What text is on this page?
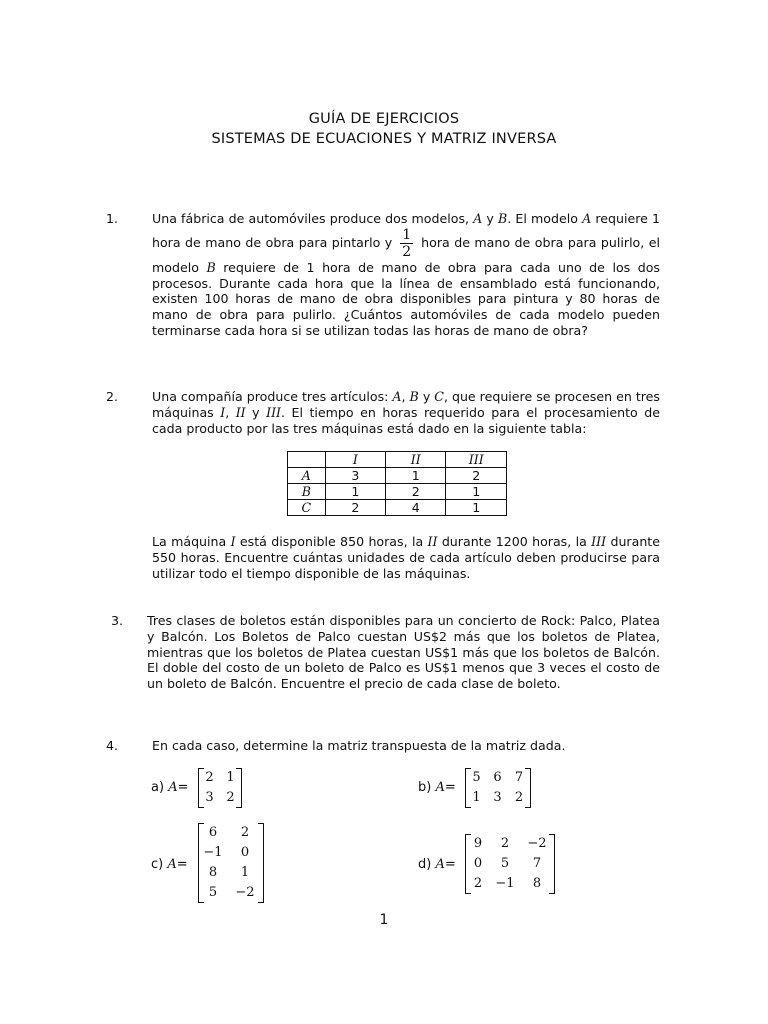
GUÍA DE EJERCICIOS
SISTEMAS DE ECUACIONES Y MATRIZ INVERSA
1.	Una fábrica de automóviles produce dos modelos, A y B. El modelo A requiere 1 hora de mano de obra para pintarlo y $\frac{1}{2}$ hora de mano de obra para pulirlo, el modelo B requiere de 1 hora de mano de obra para cada uno de los dos procesos. Durante cada hora que la línea de ensamblado está funcionando, existen 100 horas de mano de obra disponibles para pintura y 80 horas de mano de obra para pulirlo. ¿Cuántos automóviles de cada modelo pueden terminarse cada hora si se utilizan todas las horas de mano de obra?
2.	Una compañía produce tres artículos: A, B y C, que requiere se procesen en tres máquinas I, II y III. El tiempo en horas requerido para el procesamiento de cada producto por las tres máquinas está dado en la siguiente tabla:
	I	II	III
A	3	1	2
B	1	2	1
C	2	4	1
La máquina I está disponible 850 horas, la II durante 1200 horas, la III durante 550 horas. Encuentre cuántas unidades de cada artículo deben producirse para utilizar todo el tiempo disponible de las máquinas.
3. Tres clases de boletos están disponibles para un concierto de Rock: Palco, Platea y Balcón. Los Boletos de Palco cuestan US$2 más que los boletos de Platea, mientras que los boletos de Platea cuestan US$1 más que los boletos de Balcón. El doble del costo de un boleto de Palco es US$1 menos que 3 veces el costo de un boleto de Balcón. Encuentre el precio de cada clase de boleto.
4.	En cada caso, determine la matriz transpuesta de la matriz dada.
a) A=
2 1
3 2
b) A=
5 6	7
1 3	2
c) A=
6	2
−1	0
8	1
5	−2
d) A=
9	2	−2
0	5	7
2	−1	8
1
